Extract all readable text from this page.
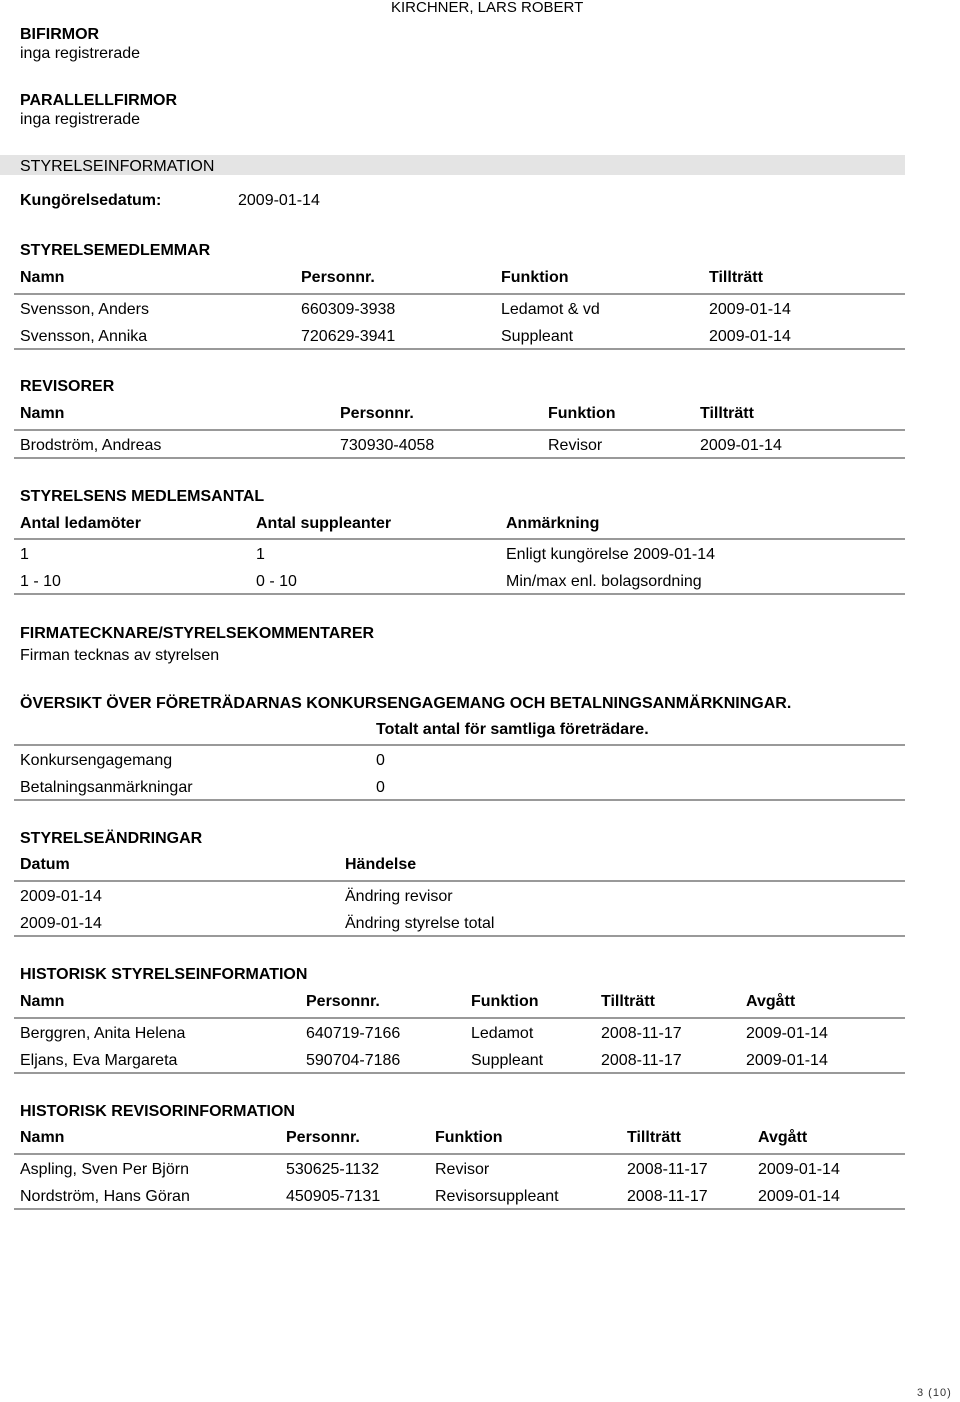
KIRCHNER, LARS ROBERT
BIFIRMOR
inga registrerade
PARALLELLFIRMOR
inga registrerade
STYRELSEINFORMATION
Kungörelsedatum:	2009-01-14
STYRELSEMEDLEMMAR
Namn	Personnr.	Funktion	Tillträtt
Svensson, Anders	660309-3938	Ledamot & vd	2009-01-14
Svensson, Annika	720629-3941	Suppleant	2009-01-14
REVISORER
Namn	Personnr.	Funktion	Tillträtt
Brodström, Andreas	730930-4058	Revisor	2009-01-14
STYRELSENS MEDLEMSANTAL
Antal ledamöter	Antal suppleanter	Anmärkning
1	1	Enligt kungörelse 2009-01-14
1 - 10	0 - 10	Min/max enl. bolagsordning
FIRMATECKNARE/STYRELSEKOMMENTARER
Firman tecknas av styrelsen
ÖVERSIKT ÖVER FÖRETRÄDARNAS KONKURSENGAGEMANG OCH BETALNINGSANMÄRKNINGAR.
Totalt antal för samtliga företrädare.
Konkursengagemang	0
Betalningsanmärkningar	0
STYRELSEÄNDRINGAR
Datum	Händelse
2009-01-14	Ändring revisor
2009-01-14	Ändring styrelse total
HISTORISK STYRELSEINFORMATION
Namn	Personnr.	Funktion	Tillträtt	Avgått
Berggren, Anita Helena	640719-7166	Ledamot	2008-11-17	2009-01-14
Eljans, Eva Margareta	590704-7186	Suppleant	2008-11-17	2009-01-14
HISTORISK REVISORINFORMATION
Namn	Personnr.	Funktion	Tillträtt	Avgått
Aspling, Sven Per Björn	530625-1132	Revisor	2008-11-17	2009-01-14
Nordström, Hans Göran	450905-7131	Revisorsuppleant	2008-11-17	2009-01-14
3 (10)
